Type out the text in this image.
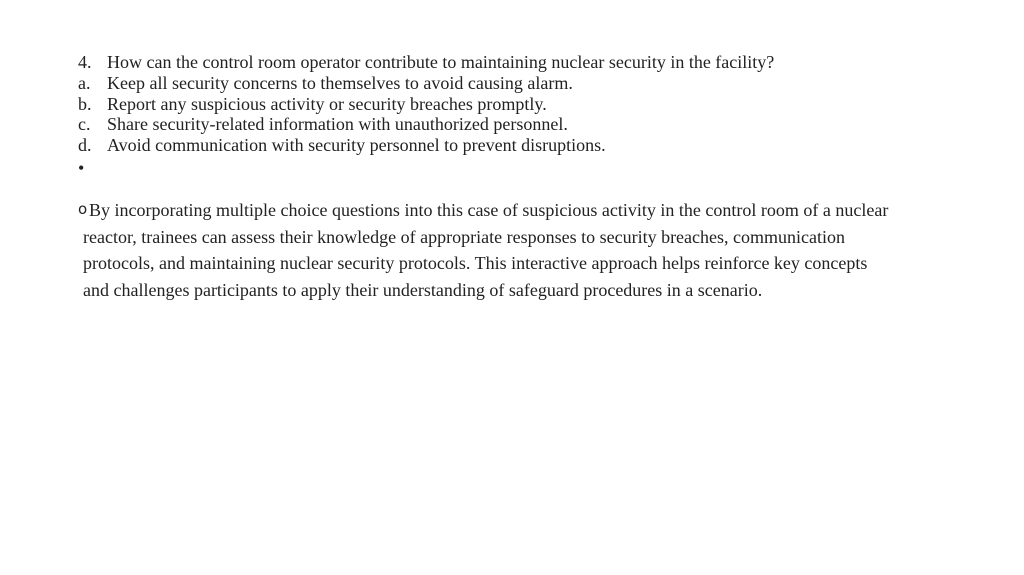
4. How can the control room operator contribute to maintaining nuclear security in the facility?
a. Keep all security concerns to themselves to avoid causing alarm.
b. Report any suspicious activity or security breaches promptly.
c. Share security-related information with unauthorized personnel.
d. Avoid communication with security personnel to prevent disruptions.
•
o By incorporating multiple choice questions into this case of suspicious activity in the control room of a nuclear
reactor, trainees can assess their knowledge of appropriate responses to security breaches, communication
protocols, and maintaining nuclear security protocols. This interactive approach helps reinforce key concepts
and challenges participants to apply their understanding of safeguard procedures in a scenario.
